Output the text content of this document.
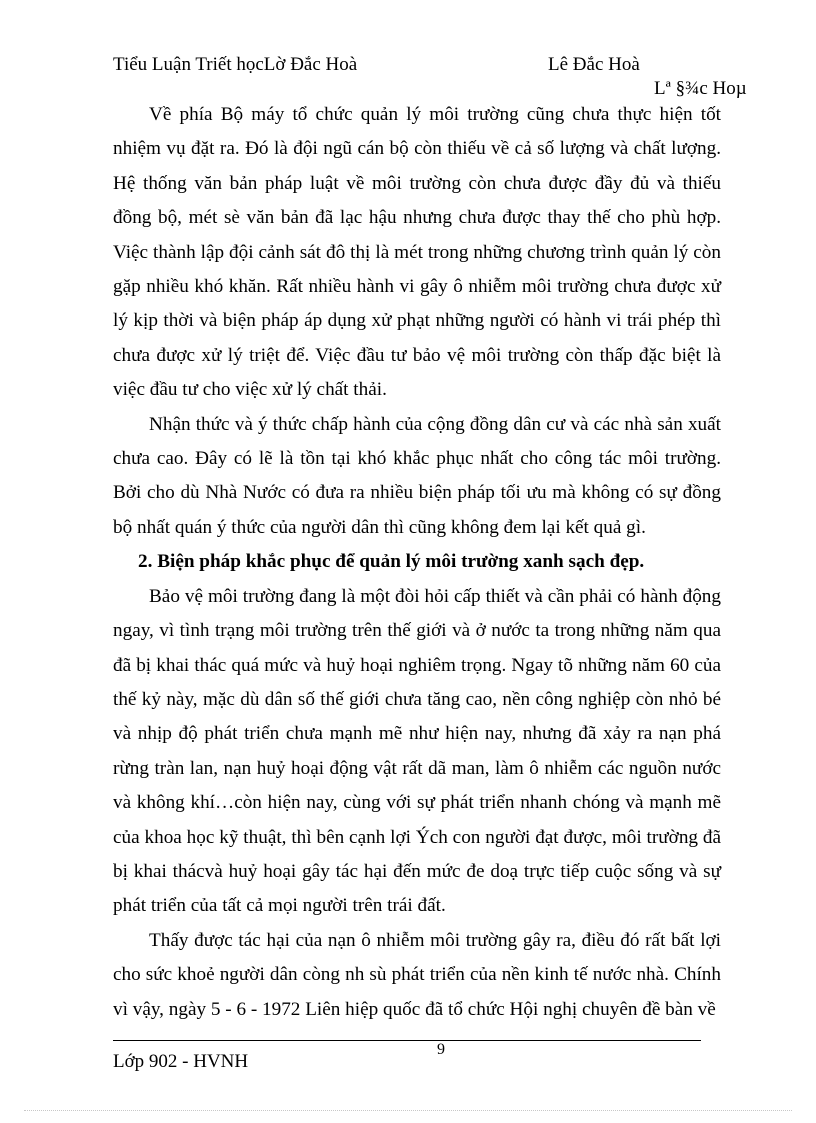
Tiểu Luận Triết họcLờ Đắc Hoà	Lê Đắc Hoà
Lª §¾c Hoµ

Về phía Bộ máy tổ chức quản lý môi trường cũng chưa thực hiện tốt nhiệm vụ đặt ra. Đó là đội ngũ cán bộ còn thiếu về cả số lượng và chất lượng. Hệ thống văn bản pháp luật về môi trường còn chưa được đầy đủ và thiếu đồng bộ, mét sè văn bản đã lạc hậu nhưng chưa được thay thế cho phù hợp. Việc thành lập đội cảnh sát đô thị là mét trong những chương trình quản lý còn gặp nhiều khó khăn. Rất nhiều hành vi gây ô nhiễm môi trường chưa được xử lý kịp thời và biện pháp áp dụng xử phạt những người có hành vi trái phép thì chưa được xử lý triệt để. Việc đầu tư bảo vệ môi trường còn thấp đặc biệt là việc đầu tư cho việc xử lý chất thải.

Nhận thức và ý thức chấp hành của cộng đồng dân cư và các nhà sản xuất chưa cao. Đây có lẽ là tồn tại khó khắc phục nhất cho công tác môi trường. Bởi cho dù Nhà Nước có đưa ra nhiều biện pháp tối ưu mà không có sự đồng bộ nhất quán ý thức của người dân thì cũng không đem lại kết quả gì.

2. Biện pháp khắc phục để quản lý môi trường xanh sạch đẹp.

Bảo vệ môi trường đang là một đòi hỏi cấp thiết và cần phải có hành động ngay, vì tình trạng môi trường trên thế giới và ở nước ta trong những năm qua đã bị khai thác quá mức và huỷ hoại nghiêm trọng. Ngay tõ những năm 60 của thế kỷ này, mặc dù dân số thế giới chưa tăng cao, nền công nghiệp còn nhỏ bé và nhịp độ phát triển chưa mạnh mẽ như hiện nay, nhưng đã xảy ra nạn phá rừng tràn lan, nạn huỷ hoại động vật rất dã man, làm ô nhiễm các nguồn nước và không khí…còn hiện nay, cùng với sự phát triển nhanh chóng và mạnh mẽ của khoa học kỹ thuật, thì bên cạnh lợi Ých con người đạt được, môi trường đã bị khai thácvà huỷ hoại gây tác hại đến mức đe doạ trực tiếp cuộc sống và sự phát triển của tất cả mọi người trên trái đất.

Thấy được tác hại của nạn ô nhiễm môi trường gây ra, điều đó rất bất lợi cho sức khoẻ người dân còng nh sù phát triển của nền kinh tế nước nhà. Chính vì vậy, ngày 5 - 6 - 1972 Liên hiệp quốc đã tổ chức Hội nghị chuyên đề bàn về

9
Lớp 902 - HVNH
